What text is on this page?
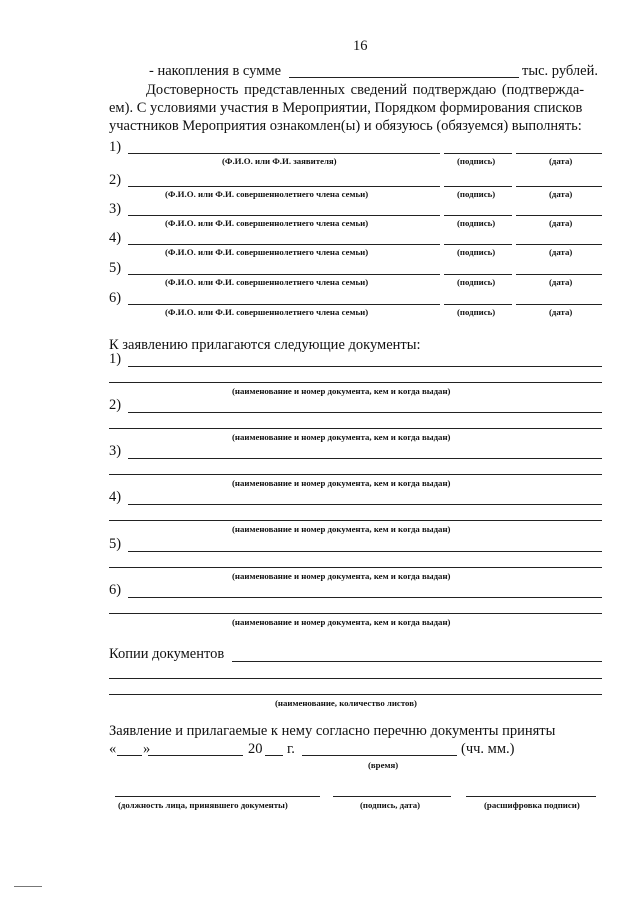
16
- накопления в сумме	тыс. рублей.
Достоверность представленных сведений подтверждаю (подтвержда-
ем). С условиями участия в Мероприятии, Порядком формирования списков
участников Мероприятия ознакомлен(ы) и обязуюсь (обязуемся) выполнять:
1)
(Ф.И.О. или Ф.И. заявителя)	(подпись)	(дата)
2)
(Ф.И.О. или Ф.И. совершеннолетнего члена семьи)	(подпись)	(дата)
3)
(Ф.И.О. или Ф.И. совершеннолетнего члена семьи)	(подпись)	(дата)
4)
(Ф.И.О. или Ф.И. совершеннолетнего члена семьи)	(подпись)	(дата)
5)
(Ф.И.О. или Ф.И. совершеннолетнего члена семьи)	(подпись)	(дата)
6)
(Ф.И.О. или Ф.И. совершеннолетнего члена семьи)	(подпись)	(дата)
К заявлению прилагаются следующие документы:
1)
(наименование и номер документа, кем и когда выдан)
2)
(наименование и номер документа, кем и когда выдан)
3)
(наименование и номер документа, кем и когда выдан)
4)
(наименование и номер документа, кем и когда выдан)
5)
(наименование и номер документа, кем и когда выдан)
6)
(наименование и номер документа, кем и когда выдан)
Копии документов
(наименование, количество листов)
Заявление и прилагаемые к нему согласно перечню документы приняты
« »	20 г.	(чч. мм.)
(время)
(должность лица, принявшего документы)	(подпись, дата)	(расшифровка подписи)
